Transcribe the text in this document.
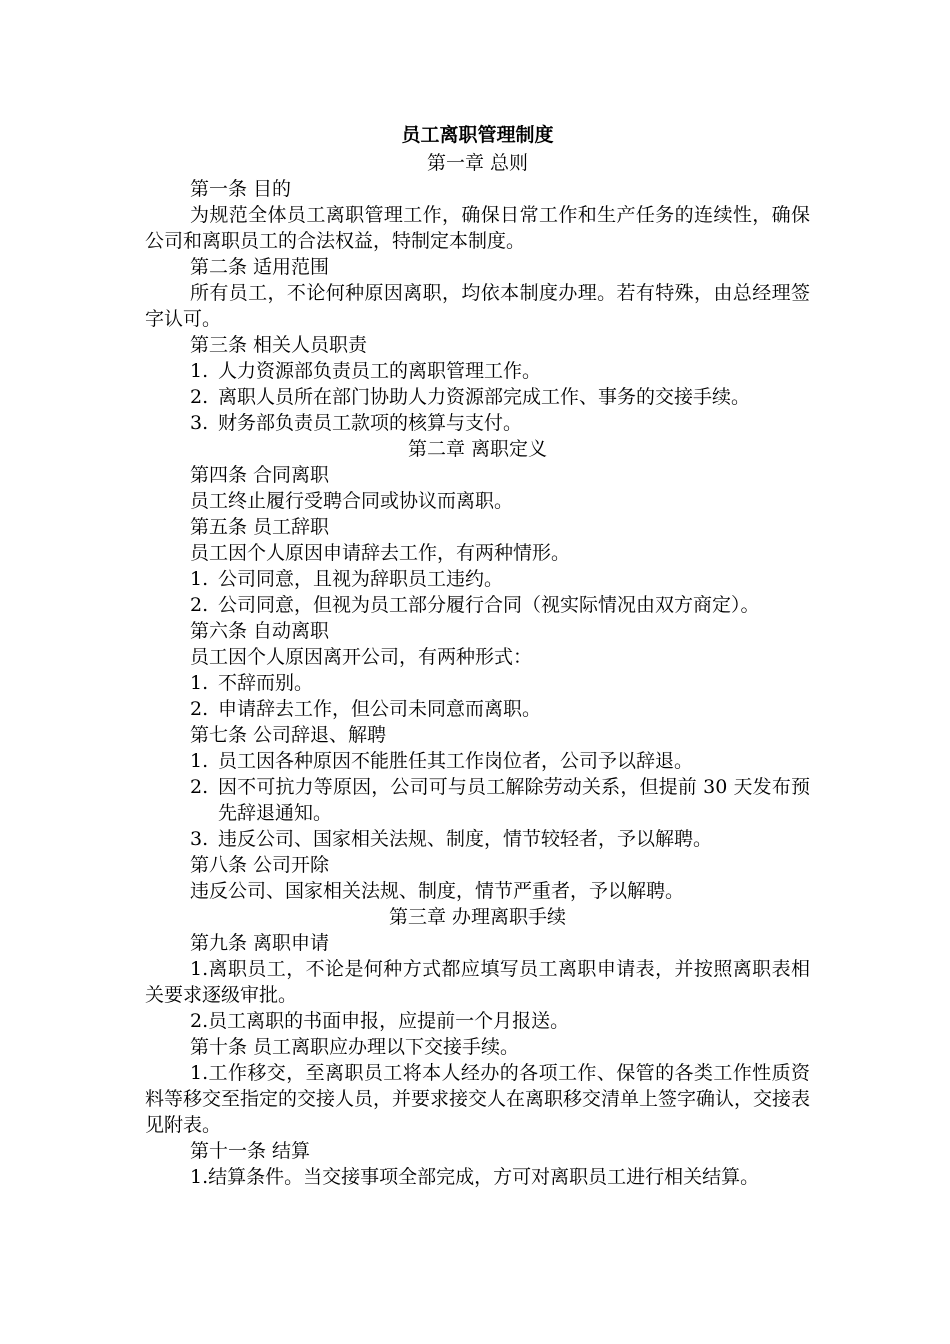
员工离职管理制度
第一章 总则
第一条 目的
为规范全体员工离职管理工作，确保日常工作和生产任务的连续性，确保公司和离职员工的合法权益，特制定本制度。
第二条 适用范围
所有员工，不论何种原因离职，均依本制度办理。若有特殊，由总经理签字认可。
第三条 相关人员职责
1. 人力资源部负责员工的离职管理工作。
2. 离职人员所在部门协助人力资源部完成工作、事务的交接手续。
3. 财务部负责员工款项的核算与支付。
第二章 离职定义
第四条 合同离职
员工终止履行受聘合同或协议而离职。
第五条 员工辞职
员工因个人原因申请辞去工作，有两种情形。
1. 公司同意，且视为辞职员工违约。
2. 公司同意，但视为员工部分履行合同（视实际情况由双方商定）。
第六条 自动离职
员工因个人原因离开公司，有两种形式：
1. 不辞而别。
2. 申请辞去工作，但公司未同意而离职。
第七条 公司辞退、解聘
1. 员工因各种原因不能胜任其工作岗位者，公司予以辞退。
2. 因不可抗力等原因，公司可与员工解除劳动关系，但提前 30 天发布预先辞退通知。
3. 违反公司、国家相关法规、制度，情节较轻者，予以解聘。
第八条 公司开除
违反公司、国家相关法规、制度，情节严重者，予以解聘。
第三章 办理离职手续
第九条 离职申请
1.离职员工，不论是何种方式都应填写员工离职申请表，并按照离职表相关要求逐级审批。
2.员工离职的书面申报，应提前一个月报送。
第十条 员工离职应办理以下交接手续。
1.工作移交，至离职员工将本人经办的各项工作、保管的各类工作性质资料等移交至指定的交接人员，并要求接交人在离职移交清单上签字确认，交接表见附表。
第十一条 结算
1.结算条件。当交接事项全部完成，方可对离职员工进行相关结算。
